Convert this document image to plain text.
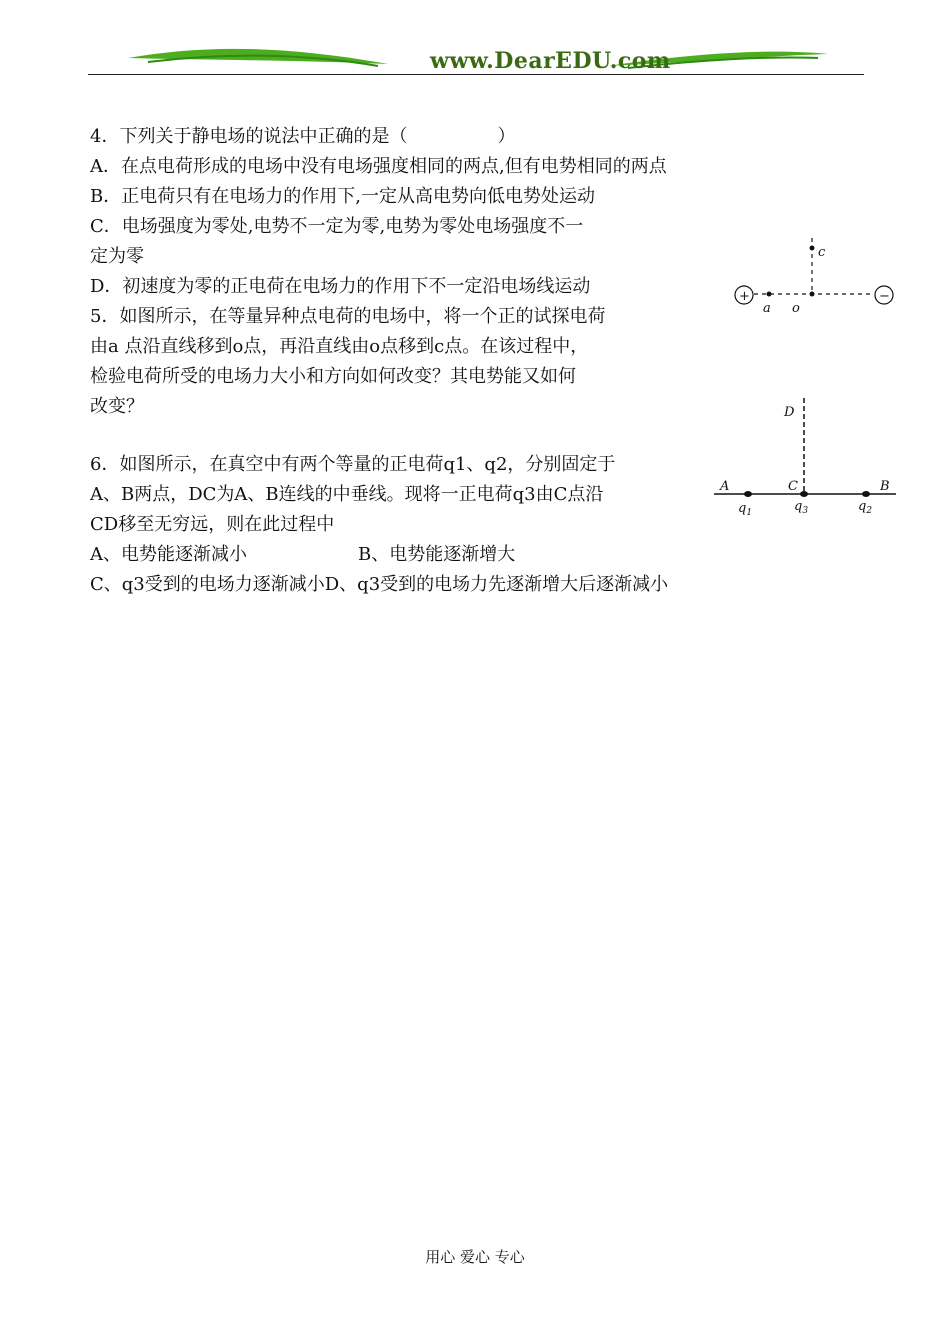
www.DearEDU.com
4．下列关于静电场的说法中正确的是（　　　　　）
A．在点电荷形成的电场中没有电场强度相同的两点,但有电势相同的两点
B．正电荷只有在电场力的作用下,一定从高电势向低电势处运动
C．电场强度为零处,电势不一定为零,电势为零处电场强度不一
定为零
D．初速度为零的正电荷在电场力的作用下不一定沿电场线运动
5．如图所示，在等量异种点电荷的电场中，将一个正的试探电荷
由a 点沿直线移到o点，再沿直线由o点移到c点。在该过程中，
检验电荷所受的电场力大小和方向如何改变？其电势能又如何
改变？
6．如图所示，在真空中有两个等量的正电荷q1、q2，分别固定于
A、B两点，DC为A、B连线的中垂线。现将一正电荷q3由C点沿
CD移至无穷远，则在此过程中
A、电势能逐渐减小	B、电势能逐渐增大
C、q3受到的电场力逐渐减小D、q3受到的电场力先逐渐增大后逐渐减小
+	−
a o
c
D
A	C	B
$q_1$	$q_3$	$q_2$
用心 爱心 专心
